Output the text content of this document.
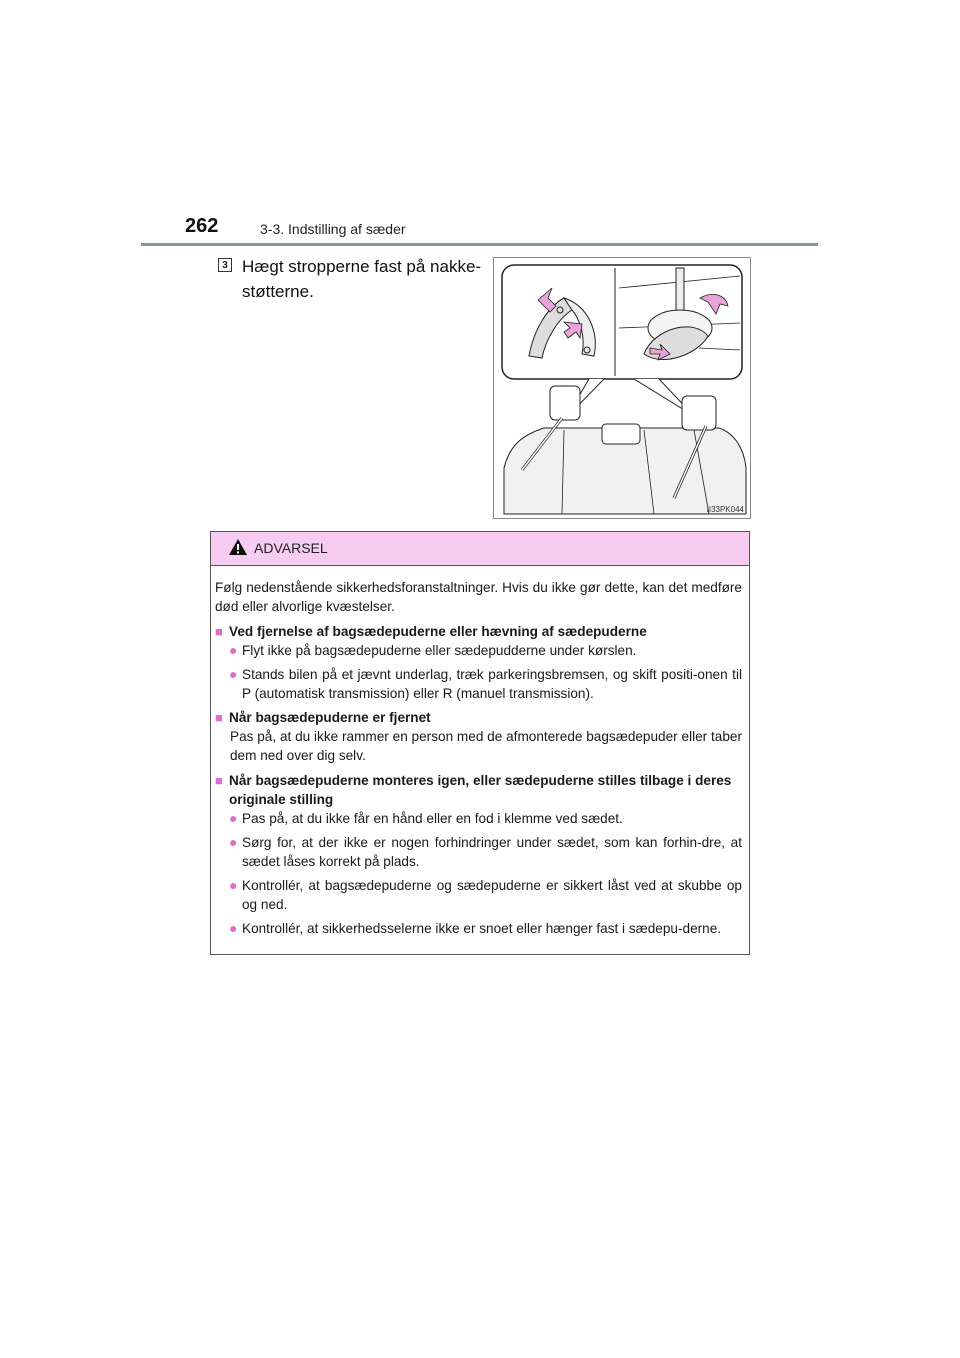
262	3-3. Indstilling af sæder
3 Hægt stropperne fast på nakke-støtterne.
II33PK044
ADVARSEL
Følg nedenstående sikkerhedsforanstaltninger. Hvis du ikke gør dette, kan det medføre død eller alvorlige kvæstelser.
■ Ved fjernelse af bagsædepuderne eller hævning af sædepuderne
● Flyt ikke på bagsædepuderne eller sædepudderne under kørslen.
● Stands bilen på et jævnt underlag, træk parkeringsbremsen, og skift positi-onen til P (automatisk transmission) eller R (manuel transmission).
■ Når bagsædepuderne er fjernet
Pas på, at du ikke rammer en person med de afmonterede bagsædepuder eller taber dem ned over dig selv.
■ Når bagsædepuderne monteres igen, eller sædepuderne stilles tilbage i deres originale stilling
● Pas på, at du ikke får en hånd eller en fod i klemme ved sædet.
● Sørg for, at der ikke er nogen forhindringer under sædet, som kan forhin-dre, at sædet låses korrekt på plads.
● Kontrollér, at bagsædepuderne og sædepuderne er sikkert låst ved at skubbe op og ned.
● Kontrollér, at sikkerhedsselerne ikke er snoet eller hænger fast i sædepu-derne.
